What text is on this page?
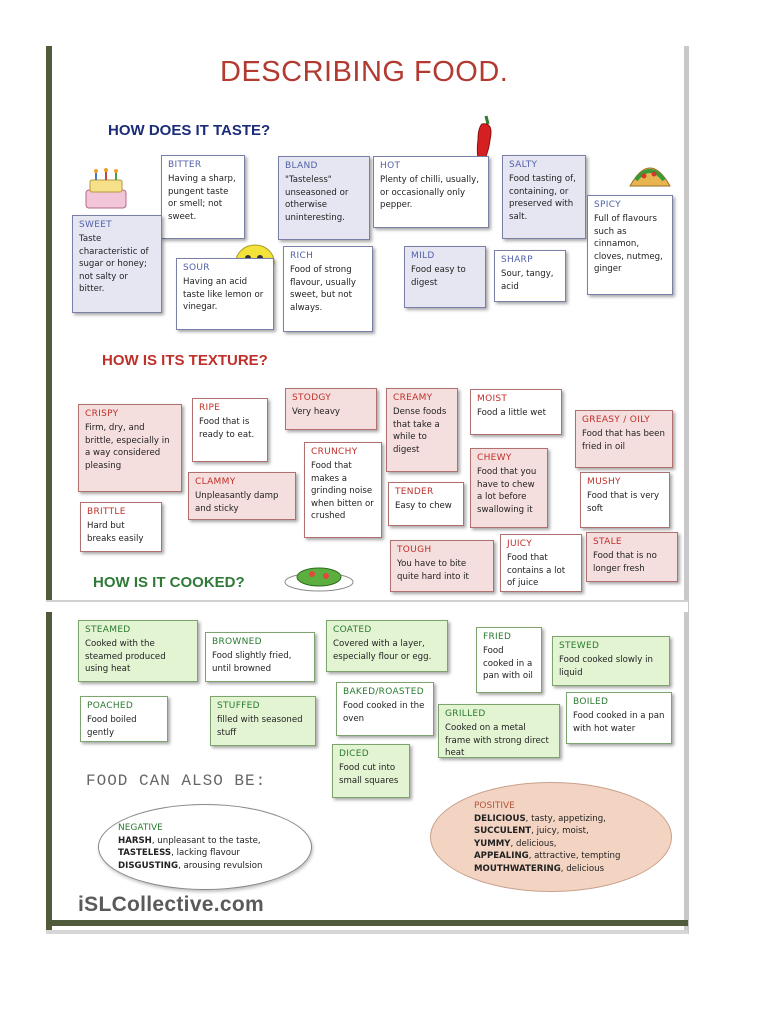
DESCRIBING FOOD.
HOW DOES IT TASTE?
HOW IS ITS TEXTURE?
HOW IS IT COOKED?
FOOD CAN ALSO BE:
BITTER
Having a sharp, pungent taste or smell; not sweet.
BLAND
"Tasteless" unseasoned or otherwise uninteresting.
HOT
Plenty of chilli, usually, or occasionally only pepper.
SALTY
Food tasting of, containing, or preserved with salt.
SPICY
Full of flavours such as cinnamon, cloves, nutmeg, ginger
SWEET
Taste characteristic of sugar or honey; not salty or bitter.
SOUR
Having an acid taste like lemon or vinegar.
RICH
Food of strong flavour, usually sweet, but not always.
MILD
Food easy to digest
SHARP
Sour, tangy, acid
STODGY
Very heavy
CREAMY
Dense foods that take a while to digest
MOIST
Food a little wet
CRISPY
Firm, dry, and brittle, especially in a way considered pleasing
RIPE
Food that is ready to eat.
CRUNCHY
Food that makes a grinding noise when bitten or crushed
GREASY / OILY
Food that has been fried in oil
CLAMMY
Unpleasantly damp and sticky
CHEWY
Food that you have to chew a lot before swallowing it
TENDER
Easy to chew
MUSHY
Food that is very soft
BRITTLE
Hard but breaks easily
TOUGH
You have to bite quite hard into it
JUICY
Food that contains a lot of juice
STALE
Food that is no longer fresh
STEAMED
Cooked with the steamed produced using heat
BROWNED
Food slightly fried, until browned
COATED
Covered with a layer, especially flour or egg.
FRIED
Food cooked in a pan with oil
STEWED
Food cooked slowly in liquid
POACHED
Food boiled gently
STUFFED
filled with seasoned stuff
BAKED/ROASTED
Food cooked in the oven	GRILLED
Cooked on a metal frame with strong direct heat
BOILED
Food cooked in a pan with hot water
DICED
Food cut into small squares
NEGATIVE
HARSH, unpleasant to the taste,
TASTELESS, lacking flavour
DISGUSTING, arousing revulsion
POSITIVE
DELICIOUS, tasty, appetizing,
SUCCULENT, juicy, moist,
YUMMY, delicious,
APPEALING, attractive, tempting
MOUTHWATERING, delicious
iSLCollective.com
